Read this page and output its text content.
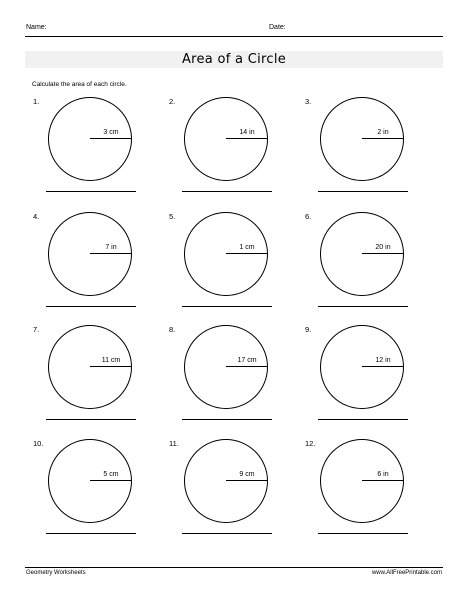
Name:	Date:
Area of a Circle
Calculate the area of each circle.
1.
3 cm
2.
14 in
3.
2 in
4.
7 in
5.
1 cm
6.
20 in
7.
11 cm
8.
17 cm
9.
12 in
10.
5 cm
11.
9 cm
12.
6 in
Geometry Worksheets	www.AllFreePrintable.com
